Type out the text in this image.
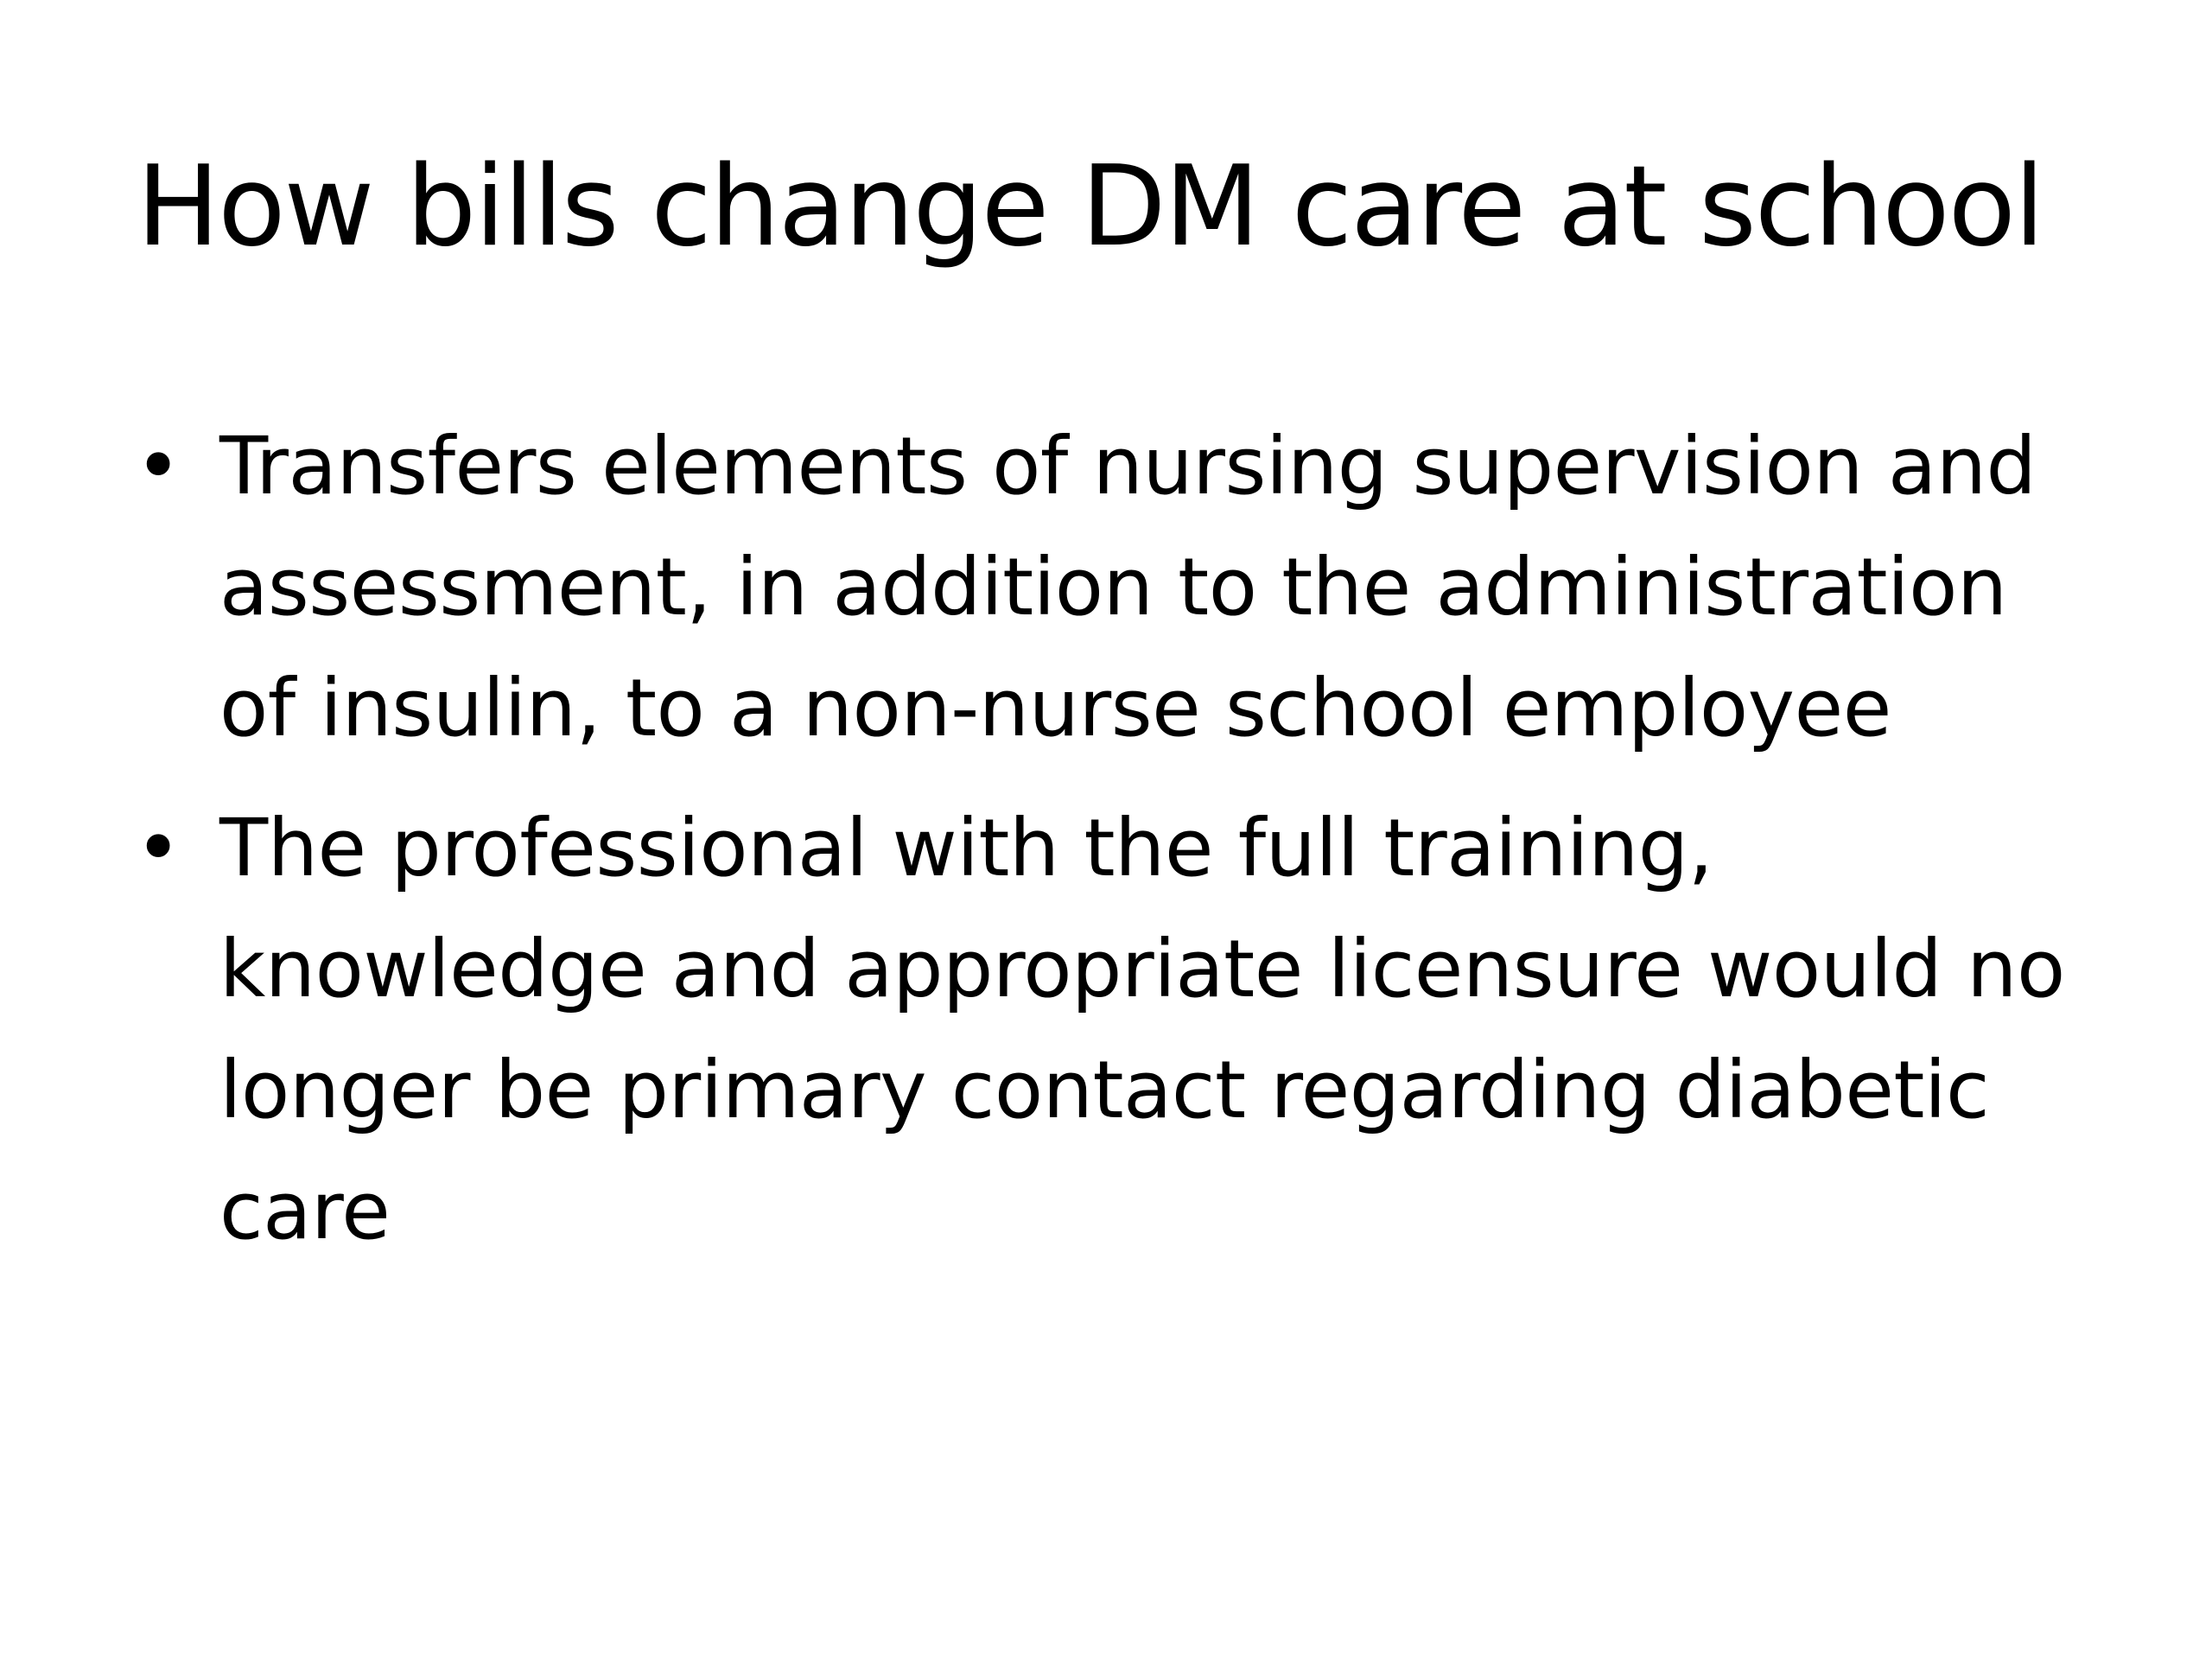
How bills change DM care at school
• Transfers elements of nursing supervision and assessment, in addition to the administration of insulin, to a non-nurse school employee
• The professional with the full training, knowledge and appropriate licensure would no longer be primary contact regarding diabetic care
